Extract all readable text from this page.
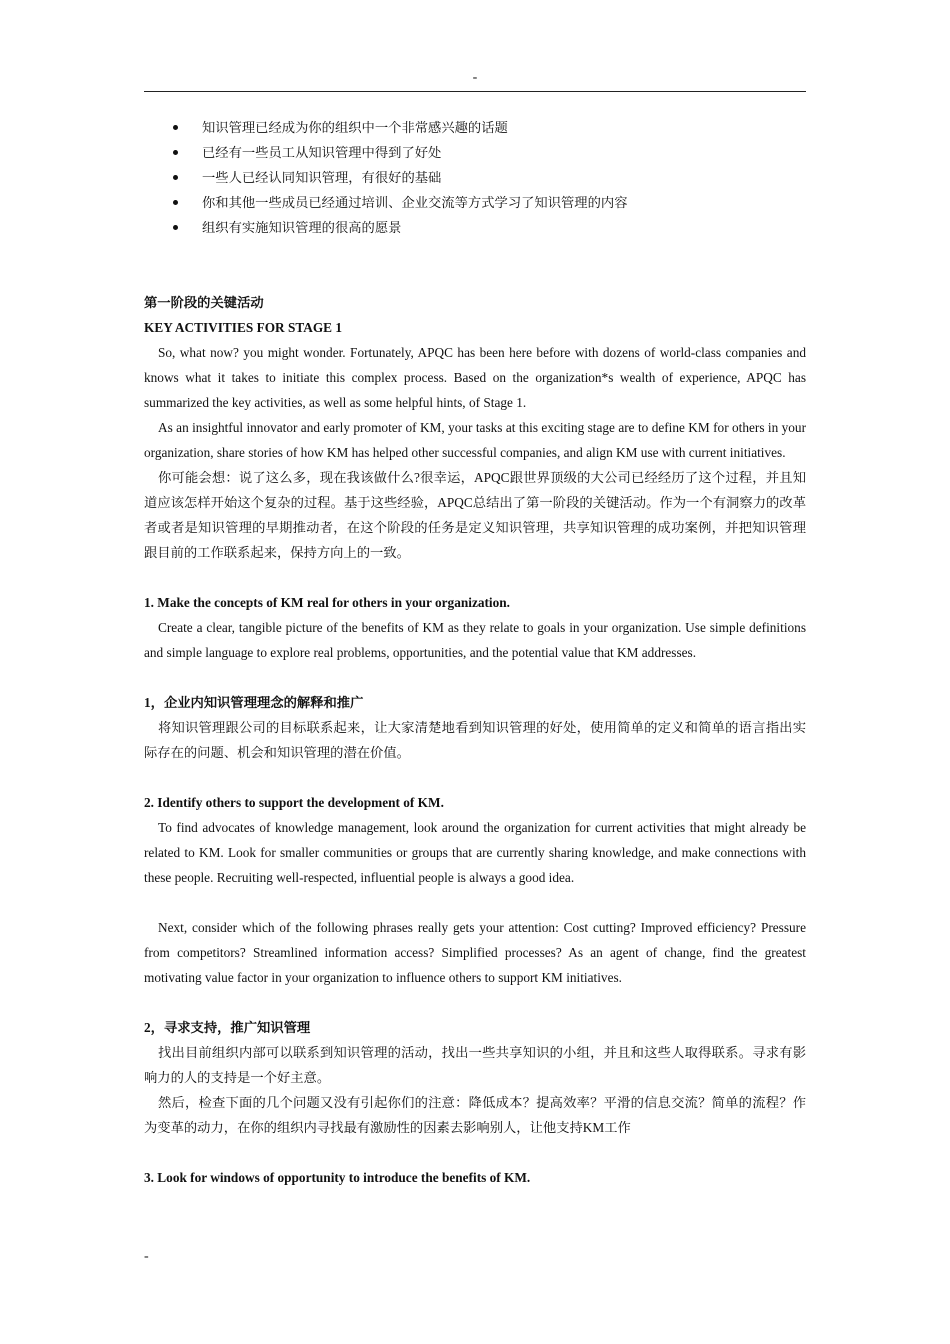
-
知识管理已经成为你的组织中一个非常感兴趣的话题
已经有一些员工从知识管理中得到了好处
一些人已经认同知识管理，有很好的基础
你和其他一些成员已经通过培训、企业交流等方式学习了知识管理的内容
组织有实施知识管理的很高的愿景
第一阶段的关键活动
KEY ACTIVITIES FOR STAGE 1
So, what now? you might wonder. Fortunately, APQC has been here before with dozens of world-class companies and knows what it takes to initiate this complex process. Based on the organization*s wealth of experience, APQC has summarized the key activities, as well as some helpful hints, of Stage 1.
As an insightful innovator and early promoter of KM, your tasks at this exciting stage are to define KM for others in your organization, share stories of how KM has helped other successful companies, and align KM use with current initiatives.
你可能会想：说了这么多，现在我该做什么?很幸运，APQC跟世界顶级的大公司已经经历了这个过程，并且知道应该怎样开始这个复杂的过程。基于这些经验，APQC总结出了第一阶段的关键活动。作为一个有洞察力的改革者或者是知识管理的早期推动者，在这个阶段的任务是定义知识管理，共享知识管理的成功案例，并把知识管理跟目前的工作联系起来，保持方向上的一致。
1. Make the concepts of KM real for others in your organization.
Create a clear, tangible picture of the benefits of KM as they relate to goals in your organization. Use simple definitions and simple language to explore real problems, opportunities, and the potential value that KM addresses.
1，企业内知识管理理念的解释和推广
将知识管理跟公司的目标联系起来，让大家清楚地看到知识管理的好处，使用简单的定义和简单的语言指出实际存在的问题、机会和知识管理的潜在价值。
2. Identify others to support the development of KM.
To find advocates of knowledge management, look around the organization for current activities that might already be related to KM. Look for smaller communities or groups that are currently sharing knowledge, and make connections with these people. Recruiting well-respected, influential people is always a good idea.
Next, consider which of the following phrases really gets your attention: Cost cutting? Improved efficiency? Pressure from competitors? Streamlined information access? Simplified processes? As an agent of change, find the greatest motivating value factor in your organization to influence others to support KM initiatives.
2，寻求支持，推广知识管理
找出目前组织内部可以联系到知识管理的活动，找出一些共享知识的小组，并且和这些人取得联系。寻求有影响力的人的支持是一个好主意。
然后，检查下面的几个问题又没有引起你们的注意：降低成本？提高效率？平滑的信息交流？简单的流程？作为变革的动力，在你的组织内寻找最有激励性的因素去影响别人，让他支持KM工作
3. Look for windows of opportunity to introduce the benefits of KM.
-
